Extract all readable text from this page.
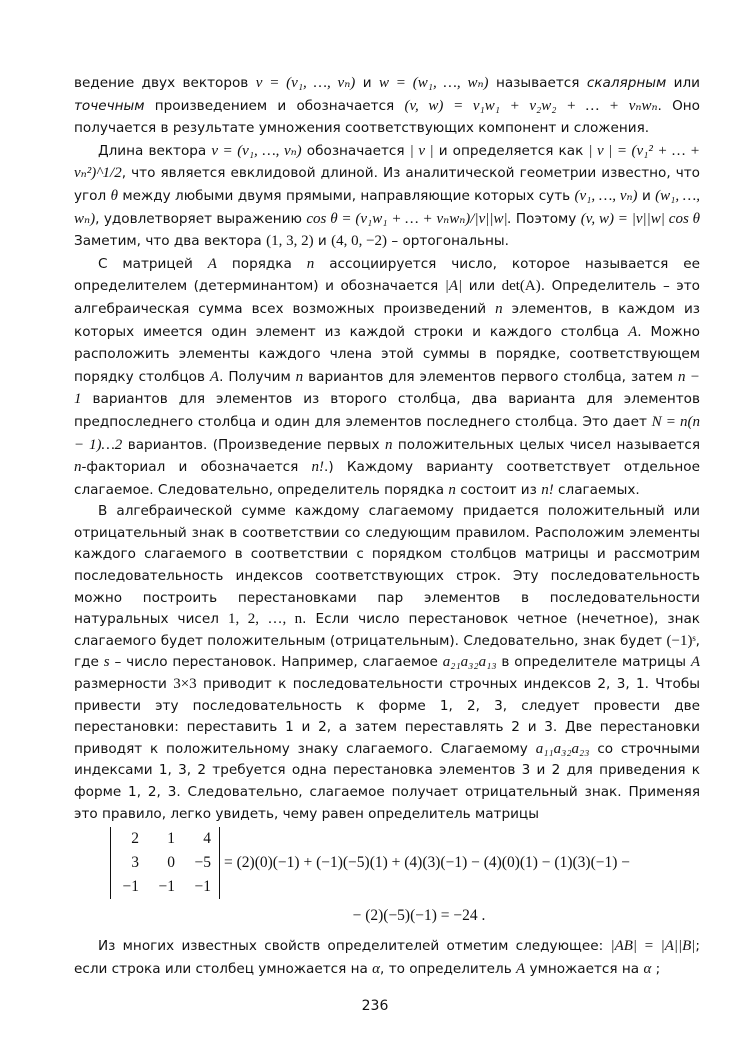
ведение двух векторов v = (v₁, …, vₙ) и w = (w₁, …, wₙ) называется скалярным или точечным произведением и обозначается (v, w) = v₁w₁ + v₂w₂ + … + vₙwₙ. Оно получается в результате умножения соответствующих компонент и сложения.

Длина вектора v = (v₁, …, vₙ) обозначается | v | и определяется как | v | = (v₁² + … + vₙ²)^1/2, что является евклидовой длиной. Из аналитической геометрии известно, что угол θ между любыми двумя прямыми, направляющие которых суть (v₁, …, vₙ) и (w₁, …, wₙ), удовлетворяет выражению cos θ = (v₁w₁ + … + vₙwₙ)/|v||w|. Поэтому (v, w) = |v||w| cos θ Заметим, что два вектора (1, 3, 2) и (4, 0, −2) – ортогональны.

С матрицей A порядка n ассоциируется число, которое называется ее определителем (детерминантом) и обозначается |A| или det(A). Определитель – это алгебраическая сумма всех возможных произведений n элементов, в каждом из которых имеется один элемент из каждой строки и каждого столбца A. Можно расположить элементы каждого члена этой суммы в порядке, соответствующем порядку столбцов A. Получим n вариантов для элементов первого столбца, затем n − 1 вариантов для элементов из второго столбца, два варианта для элементов предпоследнего столбца и один для элементов последнего столбца. Это дает N = n(n − 1)…2 вариантов. (Произведение первых n положительных целых чисел называется n-факториал и обозначается n!.) Каждому варианту соответствует отдельное слагаемое. Следовательно, определитель порядка n состоит из n! слагаемых.

В алгебраической сумме каждому слагаемому придается положительный или отрицательный знак в соответствии со следующим правилом. Расположим элементы каждого слагаемого в соответствии с порядком столбцов матрицы и рассмотрим последовательность индексов соответствующих строк. Эту последовательность можно построить перестановками пар элементов в последовательности натуральных чисел 1, 2, …, n. Если число перестановок четное (нечетное), знак слагаемого будет положительным (отрицательным). Следовательно, знак будет (−1)ˢ, где s – число перестановок. Например, слагаемое a₂₁a₃₂a₁₃ в определителе матрицы A размерности 3×3 приводит к последовательности строчных индексов 2, 3, 1. Чтобы привести эту последовательность к форме 1, 2, 3, следует провести две перестановки: переставить 1 и 2, а затем переставлять 2 и 3. Две перестановки приводят к положительному знаку слагаемого. Слагаемому a₁₁a₃₂a₂₃ со строчными индексами 1, 3, 2 требуется одна перестановка элементов 3 и 2 для приведения к форме 1, 2, 3. Следовательно, слагаемое получает отрицательный знак. Применяя это правило, легко увидеть, чему равен определитель матрицы

2	1	4
3	0	−5
−1	−1	−1
= (2)(0)(−1) + (−1)(−5)(1) + (4)(3)(−1) − (4)(0)(1) − (1)(3)(−1) −
− (2)(−5)(−1) = −24 .

Из многих известных свойств определителей отметим следующее: |AB| = |A||B|; если строка или столбец умножается на α, то определитель A умножается на α ;

236
